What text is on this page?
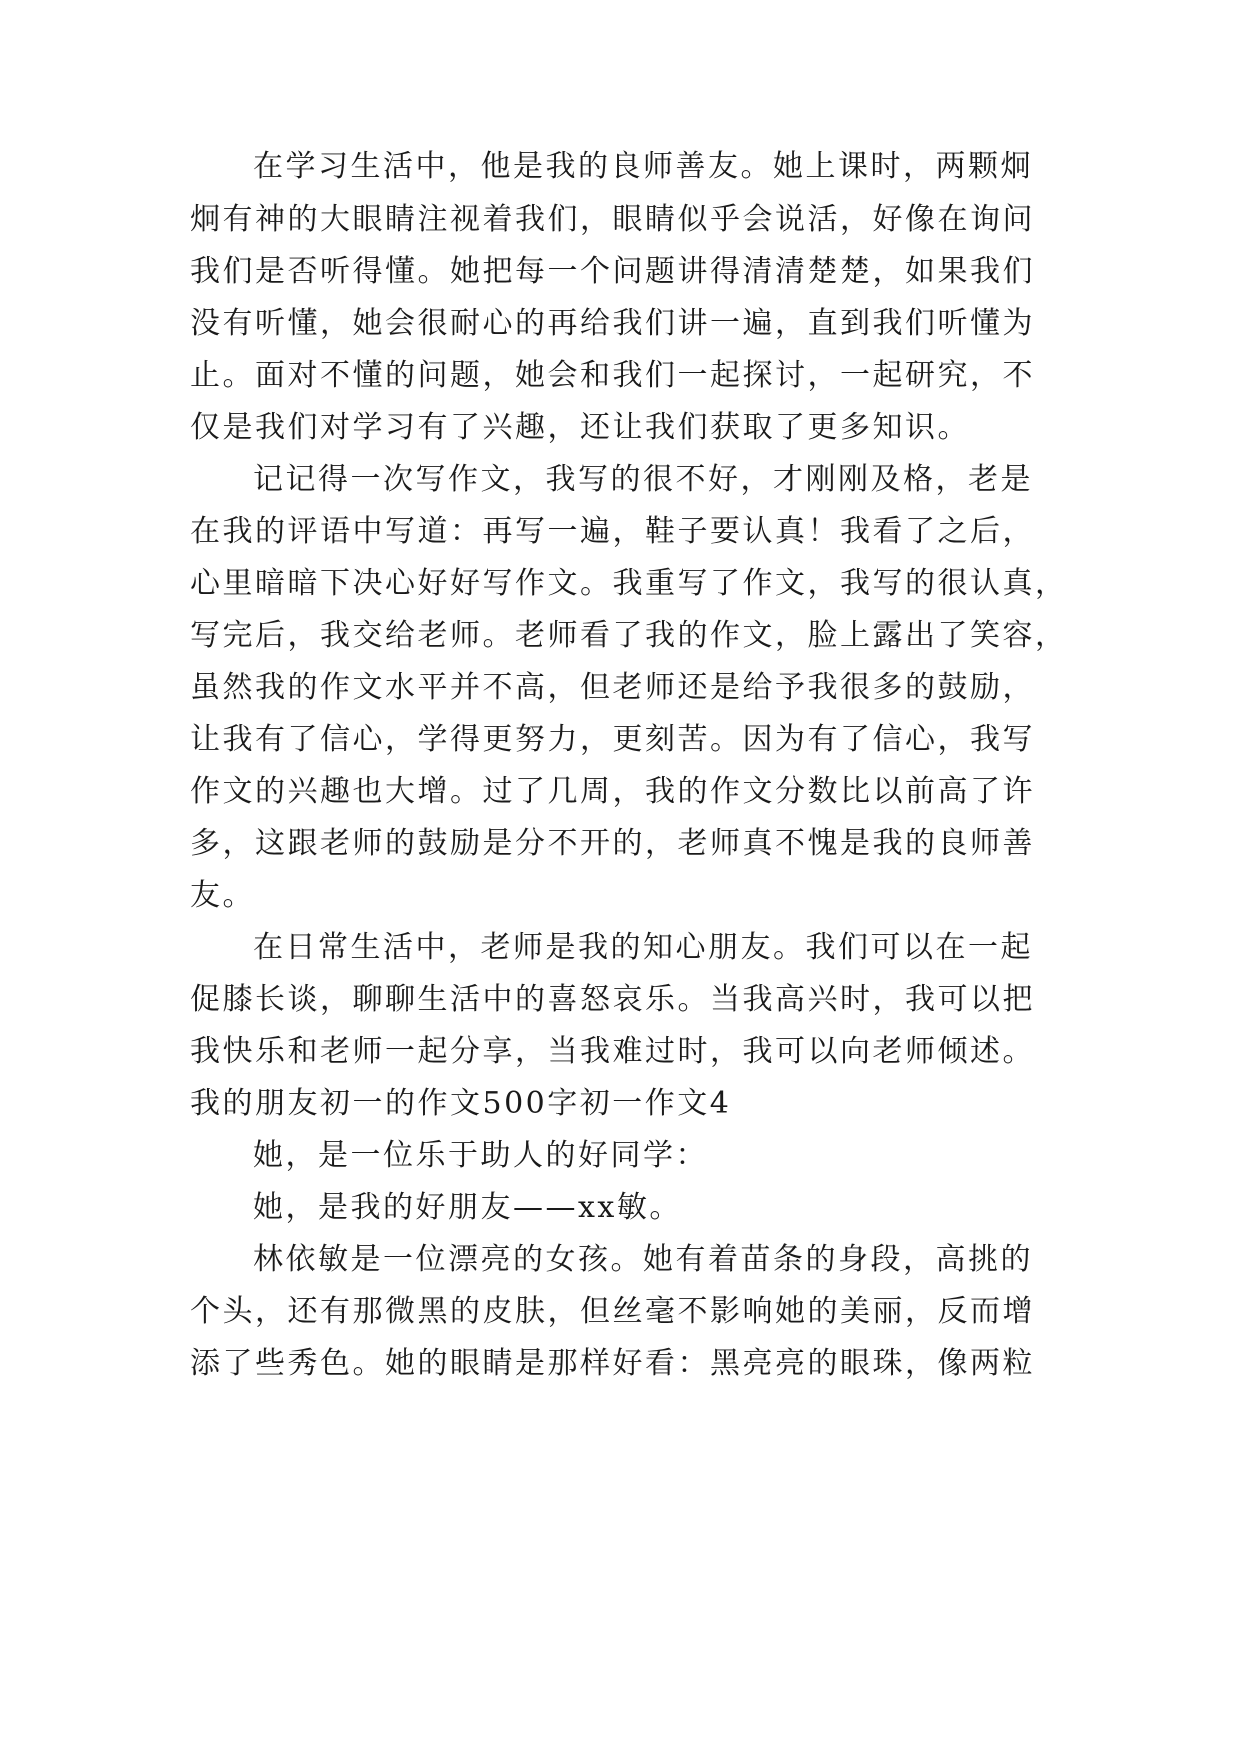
在学习生活中，他是我的良师善友。她上课时，两颗炯
炯有神的大眼睛注视着我们，眼睛似乎会说活，好像在询问
我们是否听得懂。她把每一个问题讲得清清楚楚，如果我们
没有听懂，她会很耐心的再给我们讲一遍，直到我们听懂为
止。面对不懂的问题，她会和我们一起探讨，一起研究，不
仅是我们对学习有了兴趣，还让我们获取了更多知识。
记记得一次写作文，我写的很不好，才刚刚及格，老是
在我的评语中写道：再写一遍，鞋子要认真！我看了之后，
心里暗暗下决心好好写作文。我重写了作文，我写的很认真，
写完后，我交给老师。老师看了我的作文，脸上露出了笑容，
虽然我的作文水平并不高，但老师还是给予我很多的鼓励，
让我有了信心，学得更努力，更刻苦。因为有了信心，我写
作文的兴趣也大增。过了几周，我的作文分数比以前高了许
多，这跟老师的鼓励是分不开的，老师真不愧是我的良师善
友。
在日常生活中，老师是我的知心朋友。我们可以在一起
促膝长谈，聊聊生活中的喜怒哀乐。当我高兴时，我可以把
我快乐和老师一起分享，当我难过时，我可以向老师倾述。
我的朋友初一的作文500字初一作文4
她，是一位乐于助人的好同学：
她，是我的好朋友——xx敏。
林依敏是一位漂亮的女孩。她有着苗条的身段，高挑的
个头，还有那微黑的皮肤，但丝毫不影响她的美丽，反而增
添了些秀色。她的眼睛是那样好看：黑亮亮的眼珠，像两粒
